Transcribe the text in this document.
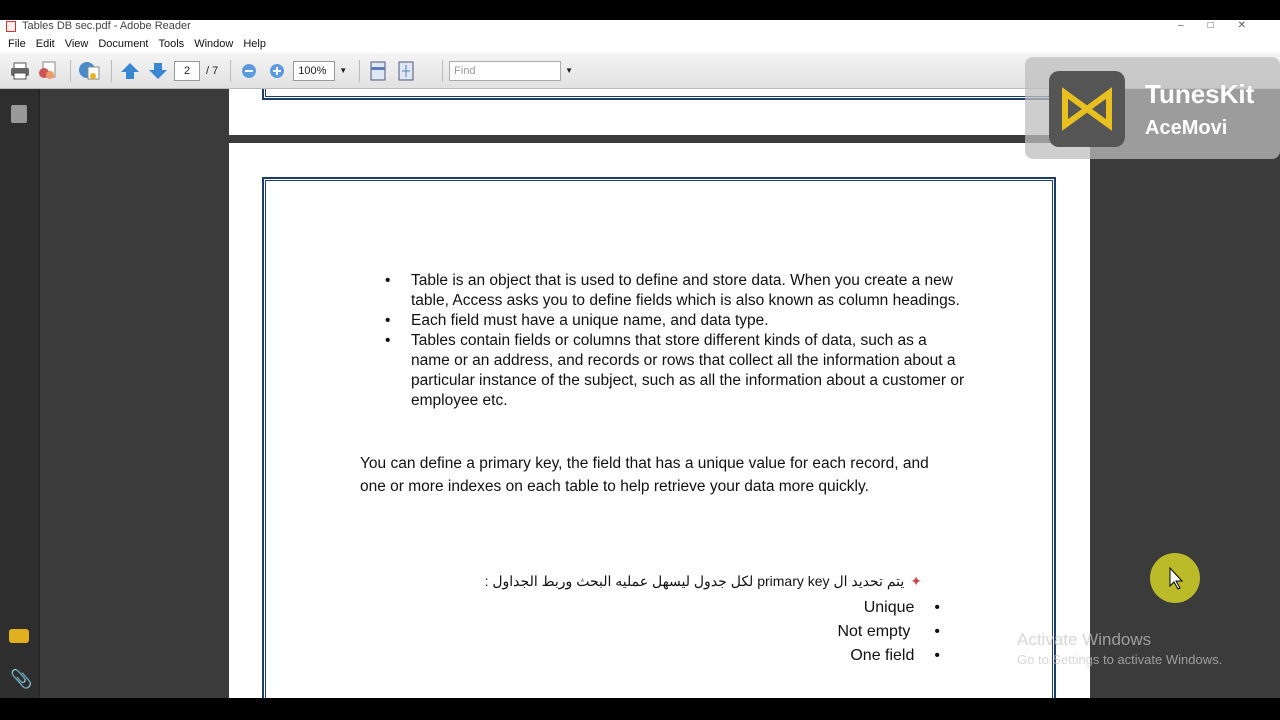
Tables DB sec.pdf - Adobe Reader	–□✕
File Edit View Document Tools Window Help
2	/ 7	100%	▼	Find	▼
📎
• Table is an object that is used to define and store data. When you create a new table, Access asks you to define fields which is also known as column headings.
• Each field must have a unique name, and data type.
• Tables contain fields or columns that store different kinds of data, such as a name or an address, and records or rows that collect all the information about a particular instance of the subject, such as all the information about a customer or employee etc.

You can define a primary key, the field that has a unique value for each record, and one or more indexes on each table to help retrieve your data more quickly.

✦يتم تحديد ال primary key لكل جدول ليسهل عمليه البحث وربط الجداول :
Unique •
Not empty •
One field •
TunesKit
AceMovi
Activate Windows
Go to Settings to activate Windows.
